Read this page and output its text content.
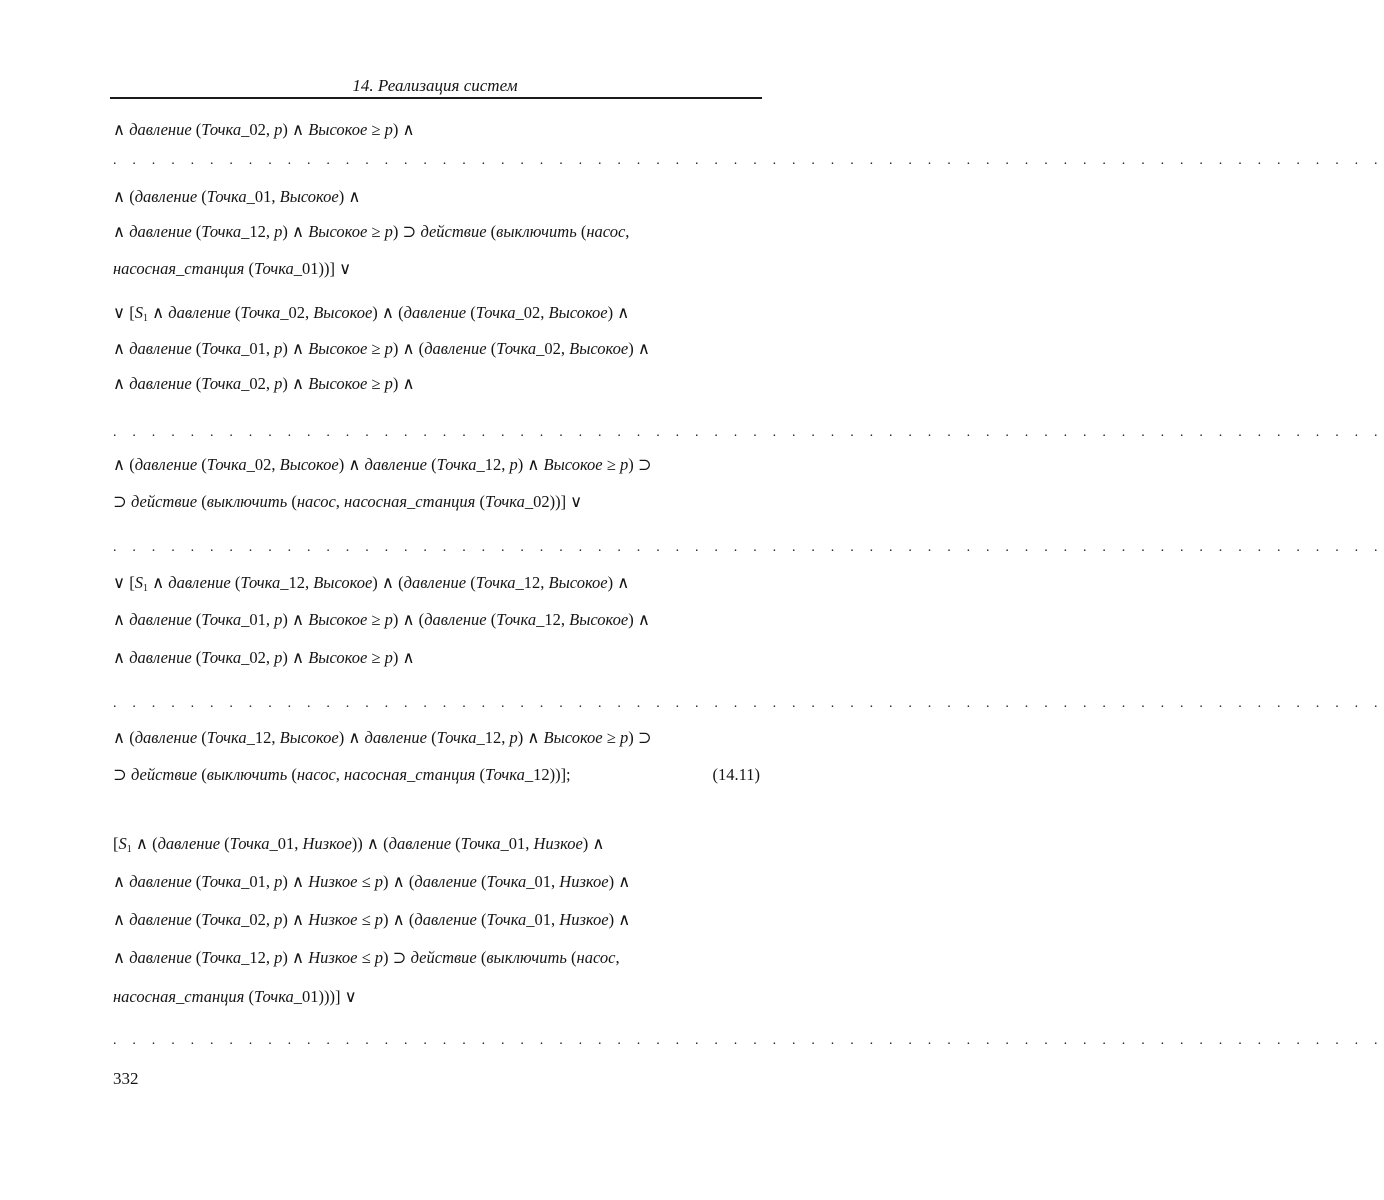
14. Реализация систем
∧ давление (Точка_02, p) ∧ Высокое ≥ p) ∧
. . . . . . . . . . . . . . . . . . . . . . . . . . . . . . . . . . . . . . . . . . . . . . . . . . . . . . . . . . . . . . . . . .
∧ (давление (Точка_01, Высокое) ∧
∧ давление (Точка_12, p) ∧ Высокое ≥ p) ⊃ действие (выключить (насос,
насосная_станция (Точка_01))] ∨
∨ [$S_1$ ∧ давление (Точка_02, Высокое) ∧ (давление (Точка_02, Высокое) ∧
∧ давление (Точка_01, p) ∧ Высокое ≥ p) ∧ (давление (Точка_02, Высокое) ∧
∧ давление (Точка_02, p) ∧ Высокое ≥ p) ∧
. . . . . . . . . . . . . . . . . . . . . . . . . . . . . . . . . . . . . . . . . . . . . . . . . . . . . . . . . . . . . . . . . .
∧ (давление (Точка_02, Высокое) ∧ давление (Точка_12, p) ∧ Высокое ≥ p) ⊃
⊃ действие (выключить (насос, насосная_станция (Точка_02))] ∨
. . . . . . . . . . . . . . . . . . . . . . . . . . . . . . . . . . . . . . . . . . . . . . . . . . . . . . . . . . . . . . . . . .
∨ [$S_1$ ∧ давление (Точка_12, Высокое) ∧ (давление (Точка_12, Высокое) ∧
∧ давление (Точка_01, p) ∧ Высокое ≥ p) ∧ (давление (Точка_12, Высокое) ∧
∧ давление (Точка_02, p) ∧ Высокое ≥ p) ∧
. . . . . . . . . . . . . . . . . . . . . . . . . . . . . . . . . . . . . . . . . . . . . . . . . . . . . . . . . . . . . . . . . .
∧ (давление (Точка_12, Высокое) ∧ давление (Точка_12, p) ∧ Высокое ≥ p) ⊃
⊃ действие (выключить (насос, насосная_станция (Точка_12))];	(14.11)
[$S_1$ ∧ (давление (Точка_01, Низкое)) ∧ (давление (Точка_01, Низкое) ∧
∧ давление (Точка_01, p) ∧ Низкое ≤ p) ∧ (давление (Точка_01, Низкое) ∧
∧ давление (Точка_02, p) ∧ Низкое ≤ p) ∧ (давление (Точка_01, Низкое) ∧
∧ давление (Точка_12, p) ∧ Низкое ≤ p) ⊃ действие (выключить (насос,
насосная_станция (Точка_01)))] ∨
. . . . . . . . . . . . . . . . . . . . . . . . . . . . . . . . . . . . . . . . . . . . . . . . . . . . . . . . . . . . . . . . . .
332
